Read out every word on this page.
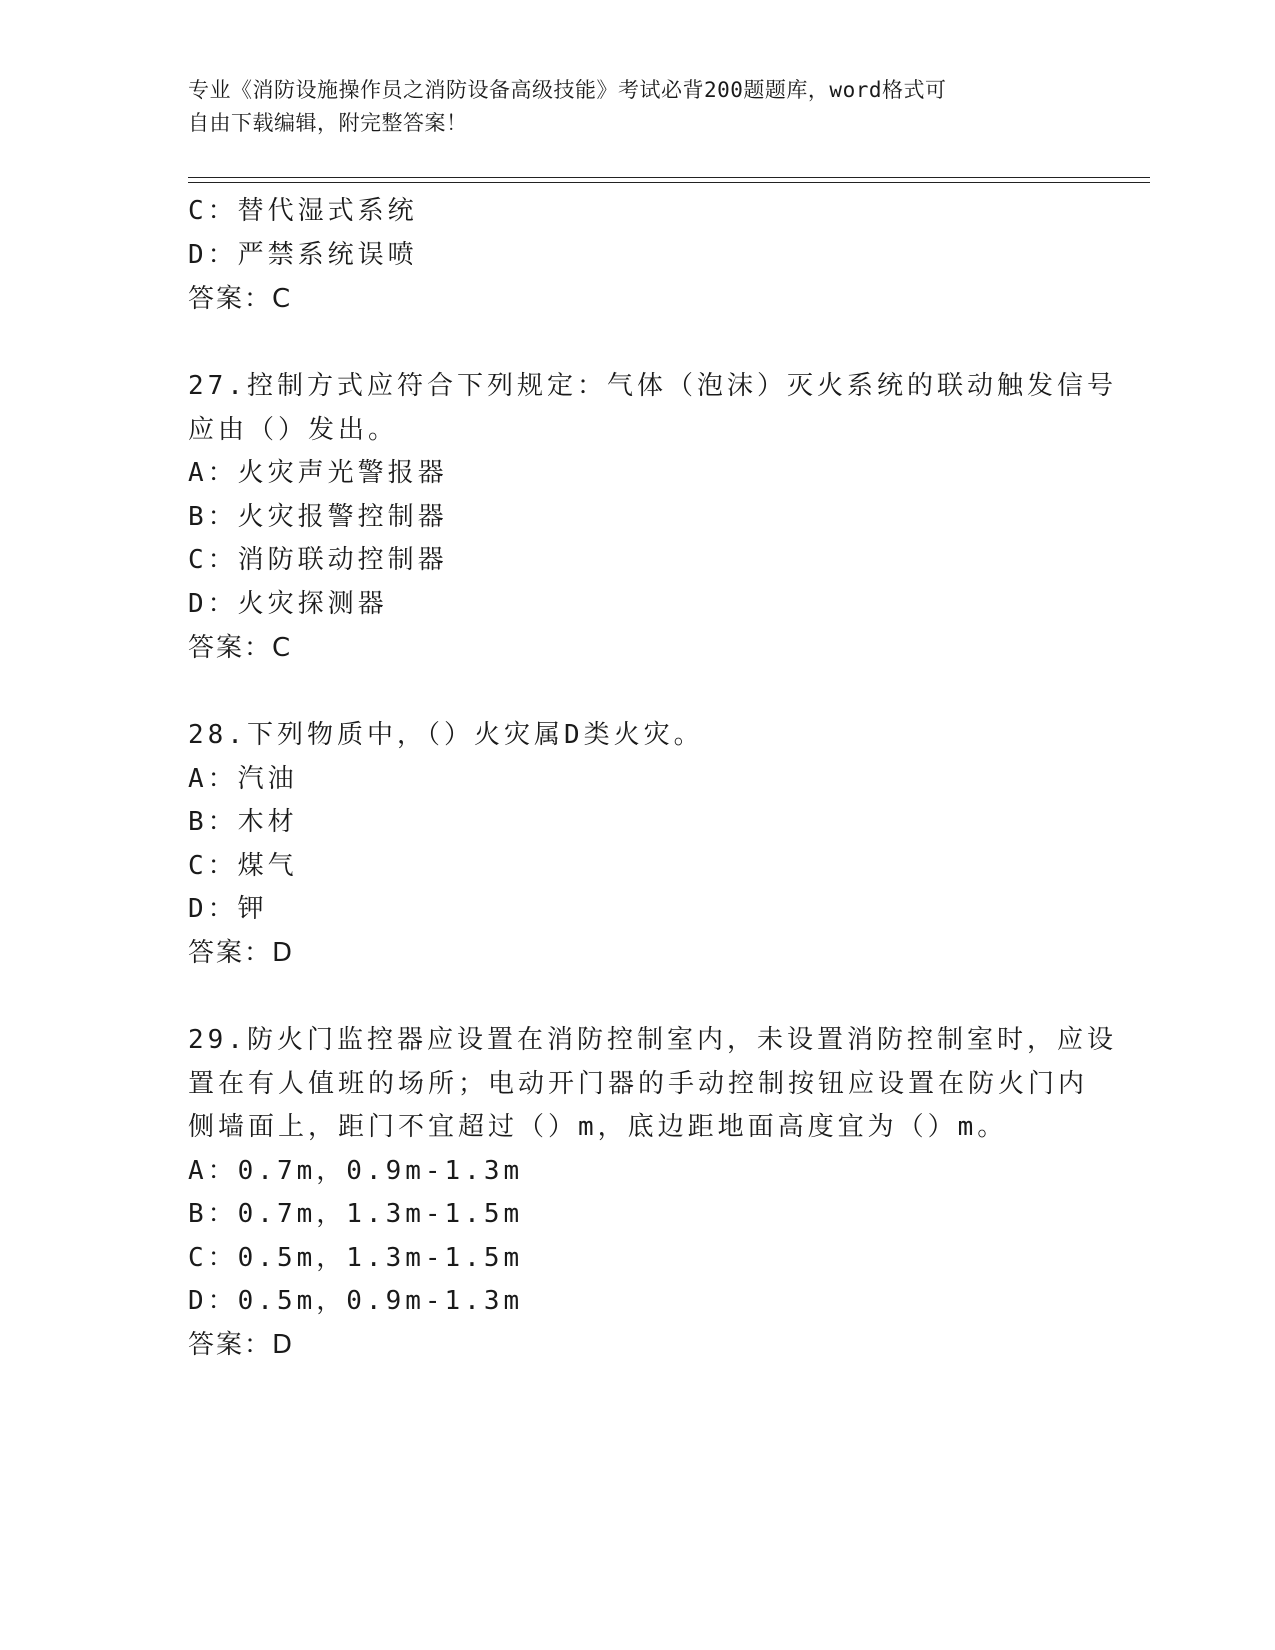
专业《消防设施操作员之消防设备高级技能》考试必背200题题库，word格式可
自由下载编辑，附完整答案！
C：替代湿式系统
D：严禁系统误喷
答案：C
27.控制方式应符合下列规定：气体（泡沫）灭火系统的联动触发信号
应由（）发出。
A：火灾声光警报器
B：火灾报警控制器
C：消防联动控制器
D：火灾探测器
答案：C
28.下列物质中，（）火灾属D类火灾。
A：汽油
B：木材
C：煤气
D：钾
答案：D
29.防火门监控器应设置在消防控制室内，未设置消防控制室时，应设
置在有人值班的场所；电动开门器的手动控制按钮应设置在防火门内
侧墙面上，距门不宜超过（）m，底边距地面高度宜为（）m。
A：0.7m，0.9m-1.3m
B：0.7m，1.3m-1.5m
C：0.5m，1.3m-1.5m
D：0.5m，0.9m-1.3m
答案：D
